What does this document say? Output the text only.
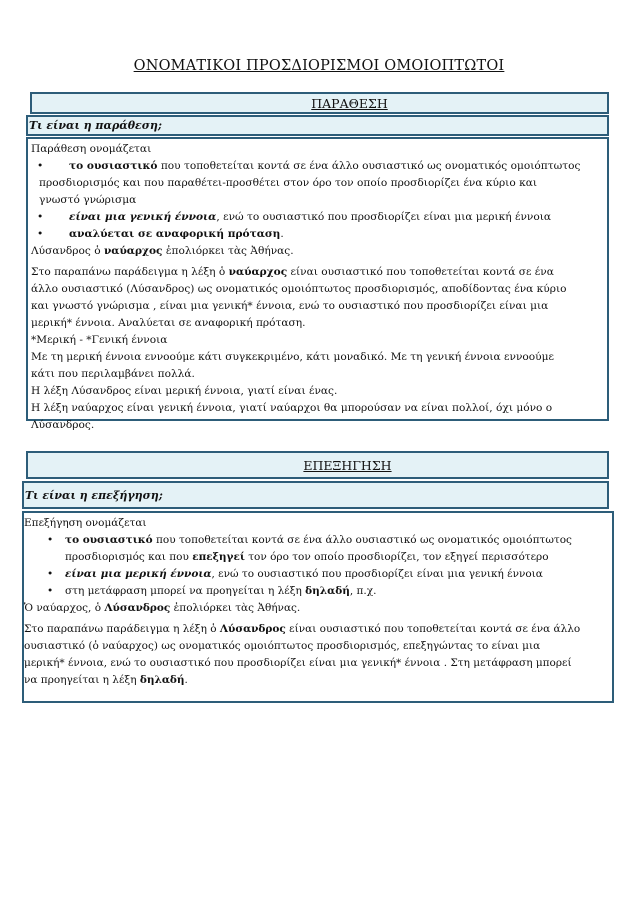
ΟΝΟΜΑΤΙΚΟΙ ΠΡΟΣΔΙΟΡΙΣΜΟΙ ΟΜΟΙΟΠΤΩΤΟΙ
ΠΑΡΑΘΕΣΗ
Τι είναι η παράθεση;

Παράθεση ονομάζεται

• το ουσιαστικό που τοποθετείται κοντά σε ένα άλλο ουσιαστικό ως ονοματικός ομοιόπτωτος

προσδιορισμός και που παραθέτει-προσθέτει στον όρο τον οποίο προσδιορίζει ένα κύριο και

γνωστό γνώρισμα

• είναι μια γενική έννοια, ενώ το ουσιαστικό που προσδιορίζει είναι μια μερική έννοια
• αναλύεται σε αναφορική πρόταση.

Λύσανδρος ὁ ναύαρχος ἐπολιόρκει τὰς Ἀθήνας.

Στο παραπάνω παράδειγμα η λέξη ὁ ναύαρχος είναι ουσιαστικό που τοποθετείται κοντά σε ένα

άλλο ουσιαστικό (Λύσανδρος) ως ονοματικός ομοιόπτωτος προσδιορισμός, αποδίδοντας ένα κύριο

και γνωστό γνώρισμα , είναι μια γενική* έννοια, ενώ το ουσιαστικό που προσδιορίζει είναι μια

μερική* έννοια. Αναλύεται σε αναφορική πρόταση.

*Μερική - *Γενική έννοια

Με τη μερική έννοια εννοούμε κάτι συγκεκριμένο, κάτι μοναδικό. Με τη γενική έννοια εννοούμε

κάτι που περιλαμβάνει πολλά.

Η λέξη Λύσανδρος είναι μερική έννοια, γιατί είναι ένας.

Η λέξη ναύαρχος είναι γενική έννοια, γιατί ναύαρχοι θα μπορούσαν να είναι πολλοί, όχι μόνο ο

Λύσανδρος.

ΕΠΕΞΗΓΗΣΗ
Τι είναι η επεξήγηση;

Επεξήγηση ονομάζεται

• το ουσιαστικό που τοποθετείται κοντά σε ένα άλλο ουσιαστικό ως ονοματικός ομοιόπτωτος

προσδιορισμός και που επεξηγεί τον όρο τον οποίο προσδιορίζει, τον εξηγεί περισσότερο

• είναι μια μερική έννοια, ενώ το ουσιαστικό που προσδιορίζει είναι μια γενική έννοια
• στη μετάφραση μπορεί να προηγείται η λέξη δηλαδή, π.χ.

Ὁ ναύαρχος, ὁ Λύσανδρος ἐπολιόρκει τὰς Ἀθήνας.

Στο παραπάνω παράδειγμα η λέξη ὁ Λύσανδρος είναι ουσιαστικό που τοποθετείται κοντά σε ένα άλλο

ουσιαστικό (ὁ ναύαρχος) ως ονοματικός ομοιόπτωτος προσδιορισμός, επεξηγώντας το είναι μια

μερική* έννοια, ενώ το ουσιαστικό που προσδιορίζει είναι μια γενική* έννοια . Στη μετάφραση μπορεί

να προηγείται η λέξη δηλαδή.
